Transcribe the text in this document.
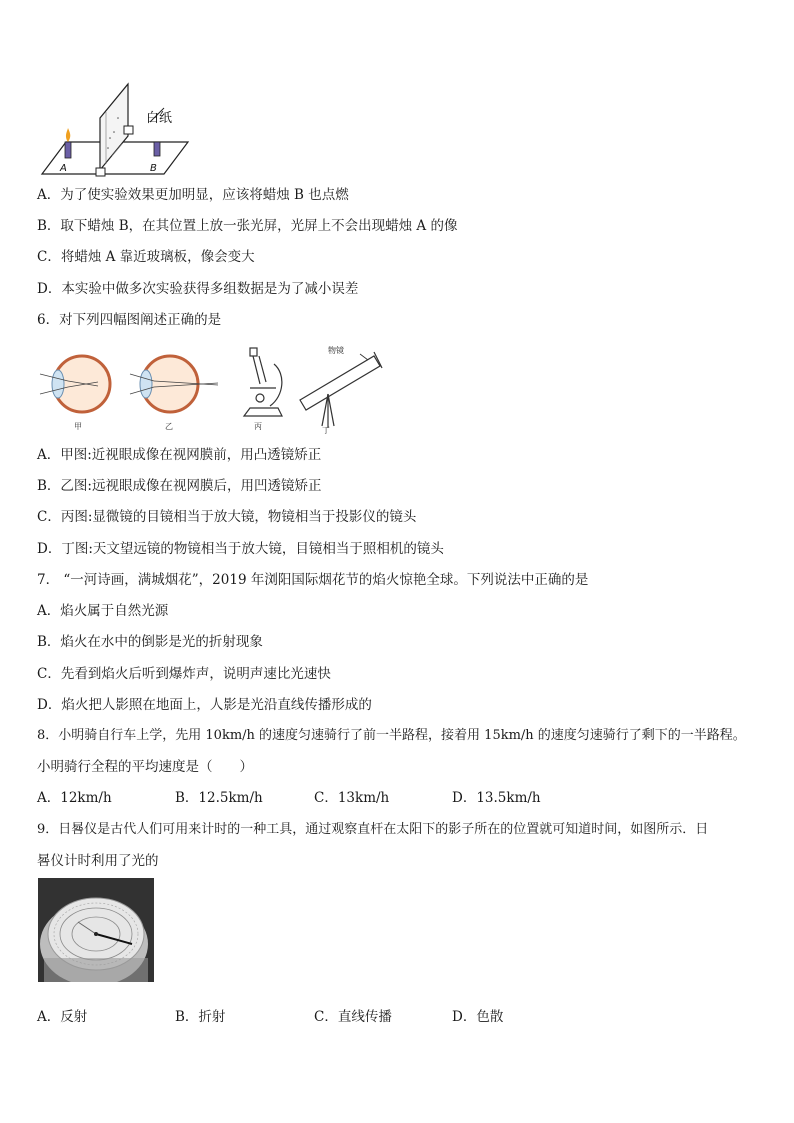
白纸
A	B
A．为了使实验效果更加明显，应该将蜡烛 B 也点燃
B．取下蜡烛 B，在其位置上放一张光屏，光屏上不会出现蜡烛 A 的像
C．将蜡烛 A 靠近玻璃板，像会变大
D．本实验中做多次实验获得多组数据是为了减小误差
6．对下列四幅图阐述正确的是
物镜
甲	乙	丙	丁
A．甲图:近视眼成像在视网膜前，用凸透镜矫正
B．乙图:远视眼成像在视网膜后，用凹透镜矫正
C．丙图:显微镜的目镜相当于放大镜，物镜相当于投影仪的镜头
D．丁图:天文望远镜的物镜相当于放大镜，目镜相当于照相机的镜头
7． “一河诗画，满城烟花”，2019 年浏阳国际烟花节的焰火惊艳全球。下列说法中正确的是
A．焰火属于自然光源
B．焰火在水中的倒影是光的折射现象
C．先看到焰火后听到爆炸声，说明声速比光速快
D．焰火把人影照在地面上，人影是光沿直线传播形成的
8．小明骑自行车上学，先用 10km/h 的速度匀速骑行了前一半路程，接着用 15km/h 的速度匀速骑行了剩下的一半路程。
小明骑行全程的平均速度是（　　）
A．12km/h	B．12.5km/h	C．13km/h	D．13.5km/h
9．日晷仪是古代人们可用来计时的一种工具，通过观察直杆在太阳下的影子所在的位置就可知道时间，如图所示．日
晷仪计时利用了光的
A．反射	B．折射	C．直线传播	D．色散
